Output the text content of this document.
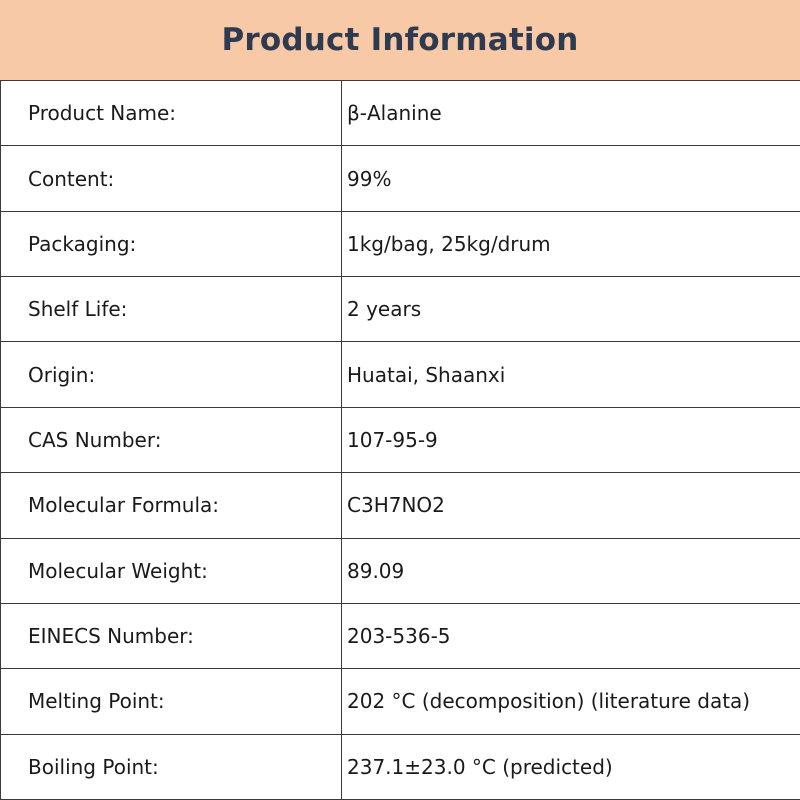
Product Information
Product Name:	β-Alanine
Content:	99%
Packaging:	1kg/bag, 25kg/drum
Shelf Life:	2 years
Origin:	Huatai, Shaanxi
CAS Number:	107-95-9
Molecular Formula:	C3H7NO2
Molecular Weight:	89.09
EINECS Number:	203-536-5
Melting Point:	202 °C (decomposition) (literature data)
Boiling Point:	237.1±23.0 °C (predicted)
